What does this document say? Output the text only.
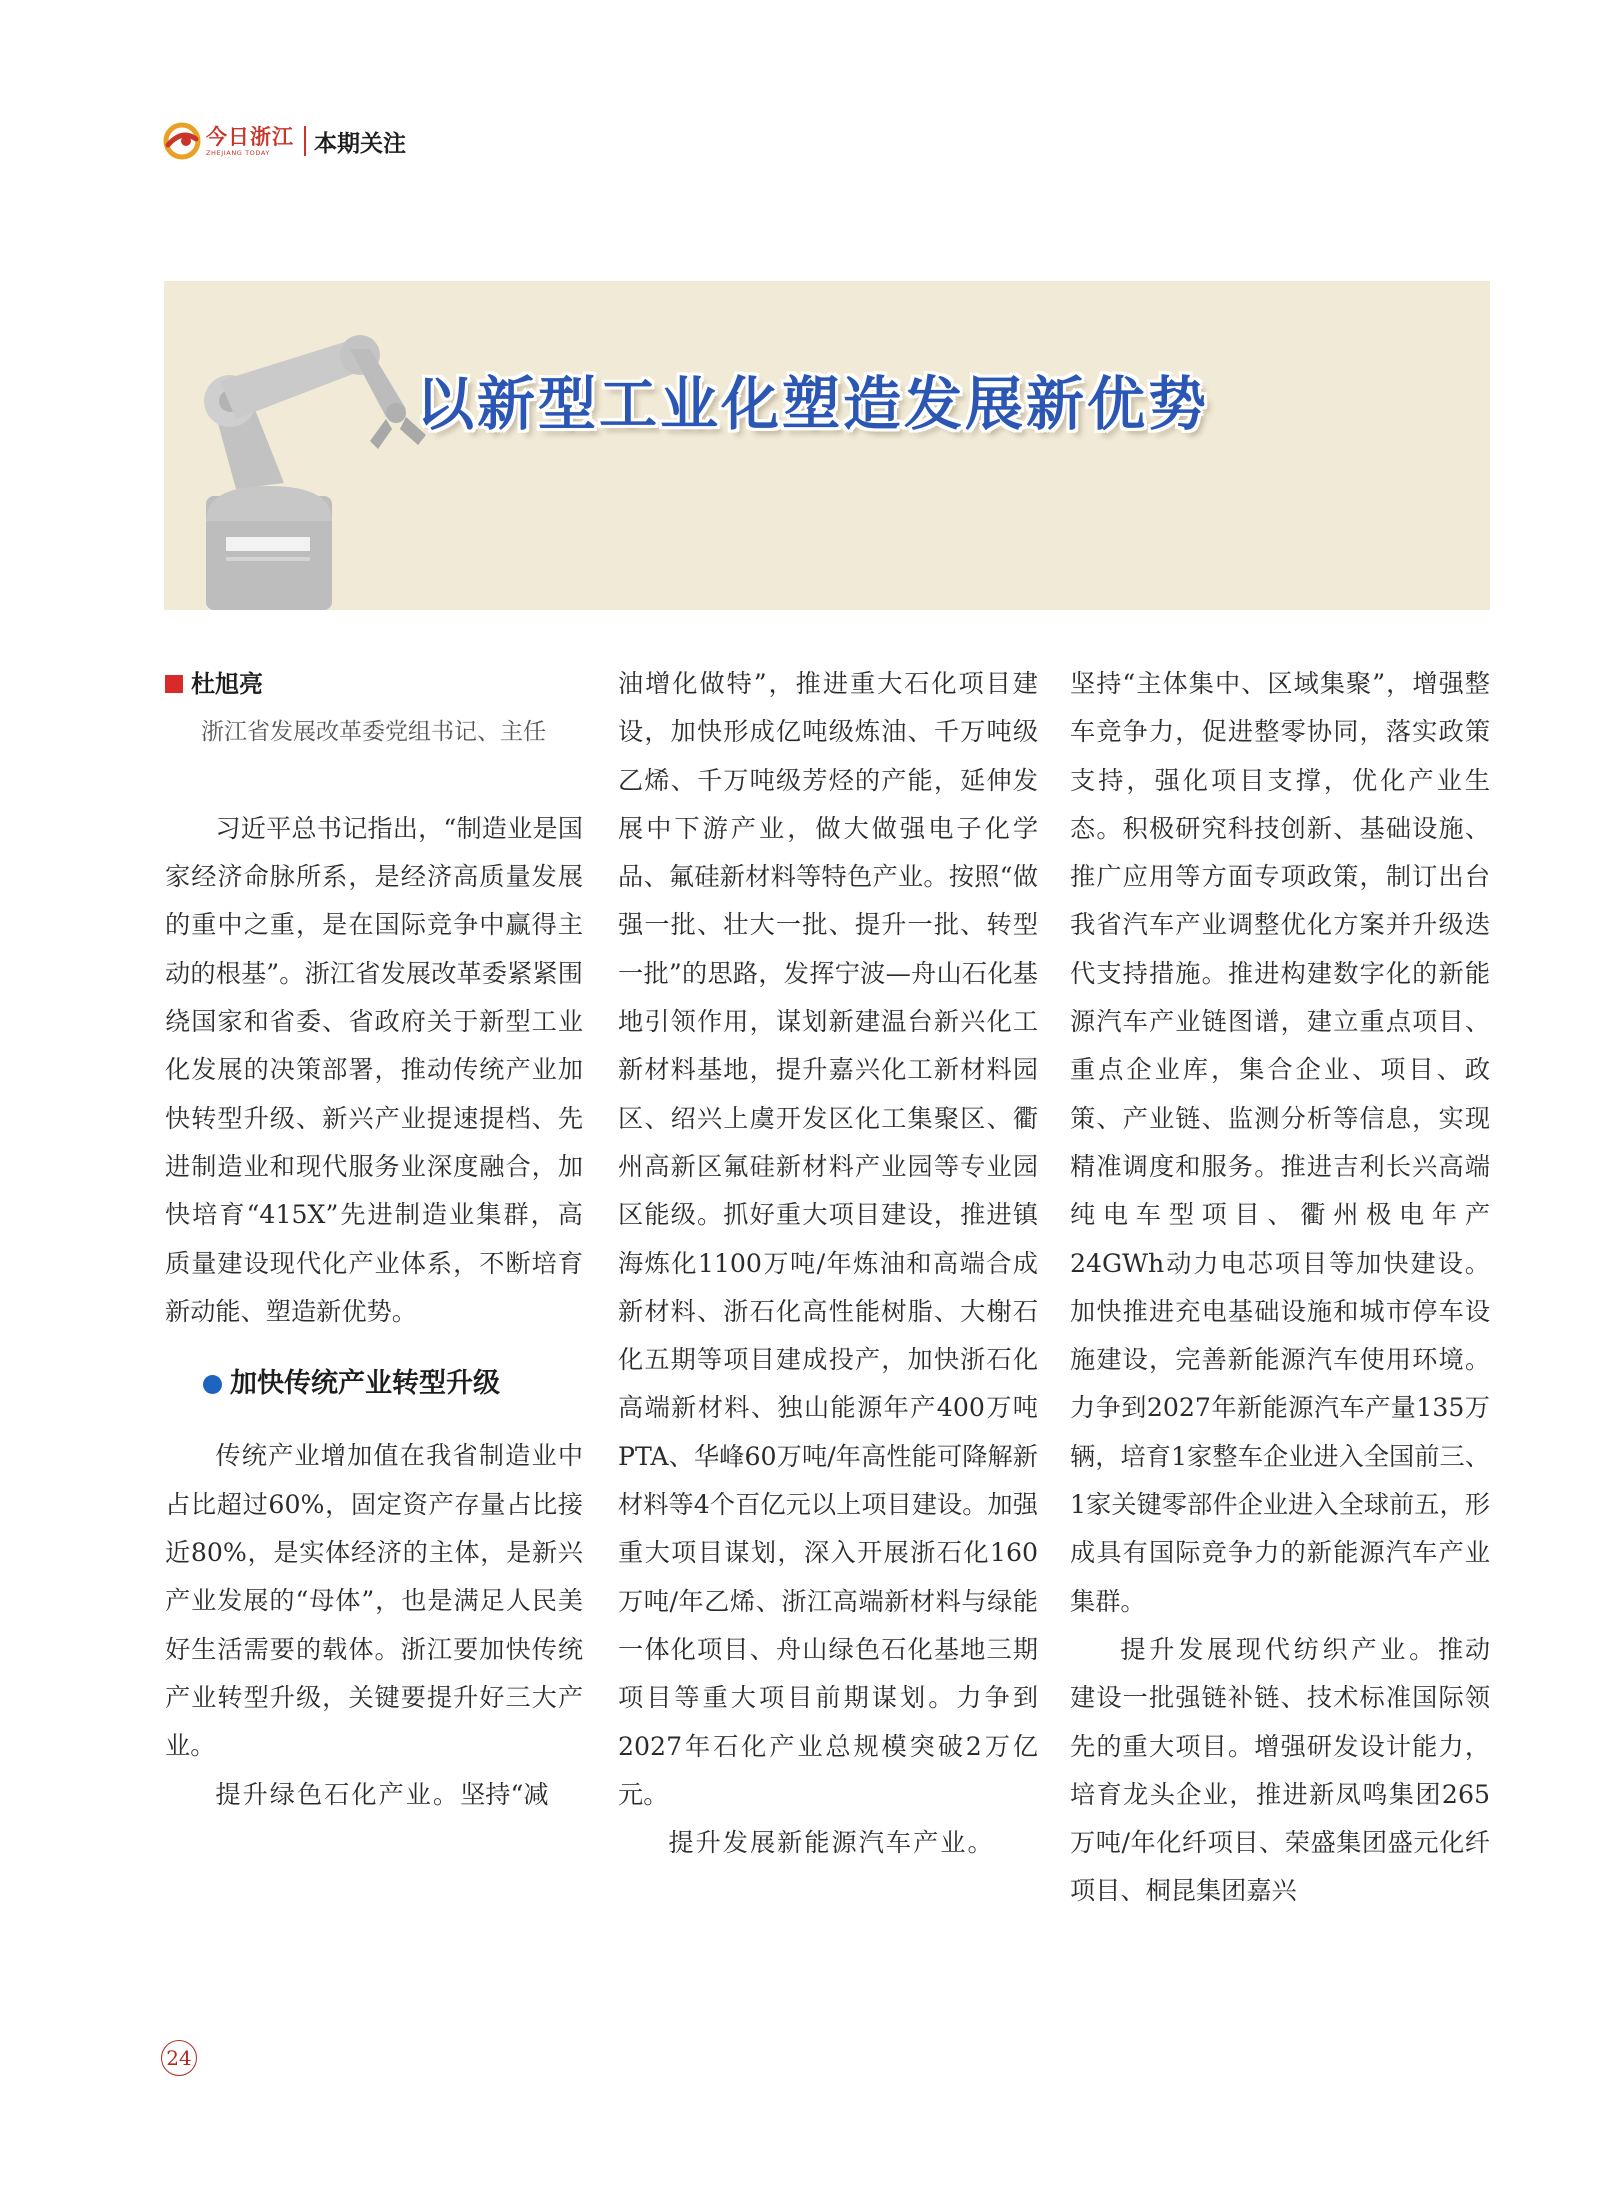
今日浙江
ZHEJIANG TODAY	本期关注
以新型工业化塑造发展新优势
杜旭亮
浙江省发展改革委党组书记、主任

习近平总书记指出，“制造业是国家经济命脉所系，是经济高质量发展的重中之重，是在国际竞争中赢得主动的根基”。浙江省发展改革委紧紧围绕国家和省委、省政府关于新型工业化发展的决策部署，推动传统产业加快转型升级、新兴产业提速提档、先进制造业和现代服务业深度融合，加快培育“415X”先进制造业集群，高质量建设现代化产业体系，不断培育新动能、塑造新优势。

加快传统产业转型升级

传统产业增加值在我省制造业中占比超过60%，固定资产存量占比接近80%，是实体经济的主体，是新兴产业发展的“母体”，也是满足人民美好生活需要的载体。浙江要加快传统产业转型升级，关键要提升好三大产业。

提升绿色石化产业。坚持“减

油增化做特”，推进重大石化项目建设，加快形成亿吨级炼油、千万吨级乙烯、千万吨级芳烃的产能，延伸发展中下游产业，做大做强电子化学品、氟硅新材料等特色产业。按照“做强一批、壮大一批、提升一批、转型一批”的思路，发挥宁波—舟山石化基地引领作用，谋划新建温台新兴化工新材料基地，提升嘉兴化工新材料园区、绍兴上虞开发区化工集聚区、衢州高新区氟硅新材料产业园等专业园区能级。抓好重大项目建设，推进镇海炼化1100万吨/年炼油和高端合成新材料、浙石化高性能树脂、大榭石化五期等项目建成投产，加快浙石化高端新材料、独山能源年产400万吨PTA、华峰60万吨/年高性能可降解新材料等4个百亿元以上项目建设。加强重大项目谋划，深入开展浙石化160万吨/年乙烯、浙江高端新材料与绿能一体化项目、舟山绿色石化基地三期项目等重大项目前期谋划。力争到2027年石化产业总规模突破2万亿元。

提升发展新能源汽车产业。

坚持“主体集中、区域集聚”，增强整车竞争力，促进整零协同，落实政策支持，强化项目支撑，优化产业生态。积极研究科技创新、基础设施、推广应用等方面专项政策，制订出台我省汽车产业调整优化方案并升级迭代支持措施。推进构建数字化的新能源汽车产业链图谱，建立重点项目、重点企业库，集合企业、项目、政策、产业链、监测分析等信息，实现精准调度和服务。推进吉利长兴高端纯电车型项目、衢州极电年产24GWh动力电芯项目等加快建设。加快推进充电基础设施和城市停车设施建设，完善新能源汽车使用环境。力争到2027年新能源汽车产量135万辆，培育1家整车企业进入全国前三、1家关键零部件企业进入全球前五，形成具有国际竞争力的新能源汽车产业集群。

提升发展现代纺织产业。推动建设一批强链补链、技术标准国际领先的重大项目。增强研发设计能力，培育龙头企业，推进新凤鸣集团265万吨/年化纤项目、荣盛集团盛元化纤项目、桐昆集团嘉兴

24
